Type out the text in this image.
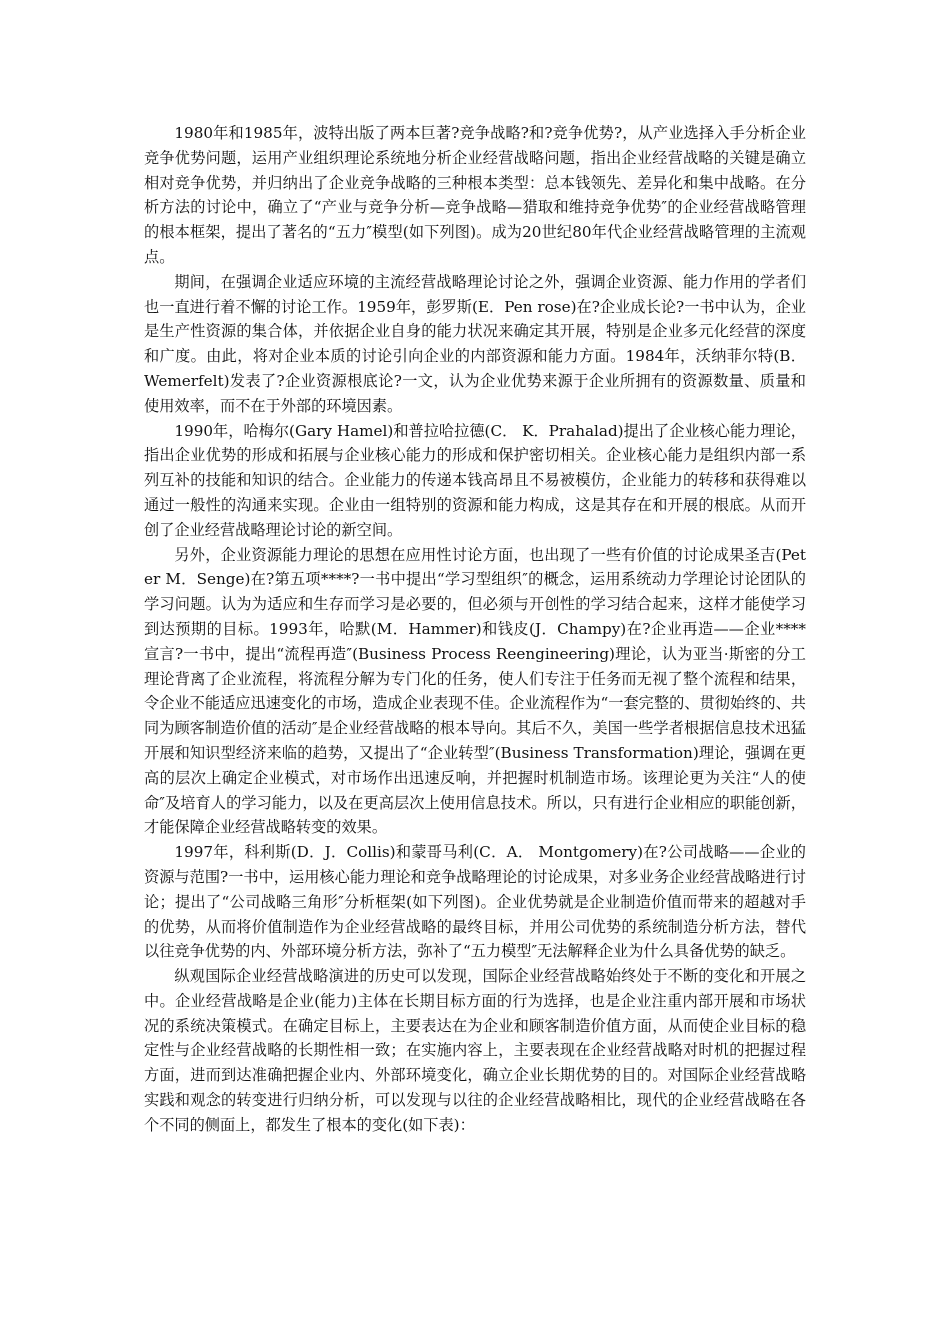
1980年和1985年，波特出版了两本巨著?竞争战略?和?竞争优势?，从产业选择入手分析企业竞争优势问题，运用产业组织理论系统地分析企业经营战略问题，指出企业经营战略的关键是确立相对竞争优势，并归纳出了企业竞争战略的三种根本类型：总本钱领先、差异化和集中战略。在分析方法的讨论中，确立了“产业与竞争分析—竞争战略—猎取和维持竞争优势″的企业经营战略管理的根本框架，提出了著名的“五力″模型(如下列图)。成为20世纪80年代企业经营战略管理的主流观点。

期间，在强调企业适应环境的主流经营战略理论讨论之外，强调企业资源、能力作用的学者们也一直进行着不懈的讨论工作。1959年，彭罗斯(E．Pen rose)在?企业成长论?一书中认为，企业是生产性资源的集合体，并依据企业自身的能力状况来确定其开展，特别是企业多元化经营的深度和广度。由此，将对企业本质的讨论引向企业的内部资源和能力方面。1984年，沃纳菲尔特(B．Wemerfelt)发表了?企业资源根底论?一文，认为企业优势来源于企业所拥有的资源数量、质量和使用效率，而不在于外部的环境因素。

1990年，哈梅尔(Gary Hamel)和普拉哈拉德(C． K．Prahalad)提出了企业核心能力理论，指出企业优势的形成和拓展与企业核心能力的形成和保护密切相关。企业核心能力是组织内部一系列互补的技能和知识的结合。企业能力的传递本钱高昂且不易被模仿，企业能力的转移和获得难以通过一般性的沟通来实现。企业由一组特别的资源和能力构成，这是其存在和开展的根底。从而开创了企业经营战略理论讨论的新空间。

另外，企业资源能力理论的思想在应用性讨论方面，也出现了一些有价值的讨论成果圣吉(Peter M．Senge)在?第五项****?一书中提出“学习型组织″的概念，运用系统动力学理论讨论团队的学习问题。认为为适应和生存而学习是必要的，但必须与开创性的学习结合起来，这样才能使学习到达预期的目标。1993年，哈默(M．Hammer)和钱皮(J．Champy)在?企业再造——企业****宣言?一书中，提出“流程再造″(Business Process Reengineering)理论，认为亚当·斯密的分工理论背离了企业流程，将流程分解为专门化的任务，使人们专注于任务而无视了整个流程和结果，令企业不能适应迅速变化的市场，造成企业表现不佳。企业流程作为“一套完整的、贯彻始终的、共同为顾客制造价值的活动″是企业经营战略的根本导向。其后不久，美国一些学者根据信息技术迅猛开展和知识型经济来临的趋势，又提出了“企业转型″(Business Transformation)理论，强调在更高的层次上确定企业模式，对市场作出迅速反响，并把握时机制造市场。该理论更为关注“人的使命″及培育人的学习能力，以及在更高层次上使用信息技术。所以，只有进行企业相应的职能创新，才能保障企业经营战略转变的效果。

1997年，科利斯(D．J．Collis)和蒙哥马利(C．A． Montgomery)在?公司战略——企业的资源与范围?一书中，运用核心能力理论和竞争战略理论的讨论成果，对多业务企业经营战略进行讨论；提出了“公司战略三角形″分析框架(如下列图)。企业优势就是企业制造价值而带来的超越对手的优势，从而将价值制造作为企业经营战略的最终目标，并用公司优势的系统制造分析方法，替代以往竞争优势的内、外部环境分析方法，弥补了“五力模型″无法解释企业为什么具备优势的缺乏。

纵观国际企业经营战略演进的历史可以发现，国际企业经营战略始终处于不断的变化和开展之中。企业经营战略是企业(能力)主体在长期目标方面的行为选择，也是企业注重内部开展和市场状况的系统决策模式。在确定目标上，主要表达在为企业和顾客制造价值方面，从而使企业目标的稳定性与企业经营战略的长期性相一致；在实施内容上，主要表现在企业经营战略对时机的把握过程方面，进而到达准确把握企业内、外部环境变化，确立企业长期优势的目的。对国际企业经营战略实践和观念的转变进行归纳分析，可以发现与以往的企业经营战略相比，现代的企业经营战略在各个不同的侧面上，都发生了根本的变化(如下表)：
